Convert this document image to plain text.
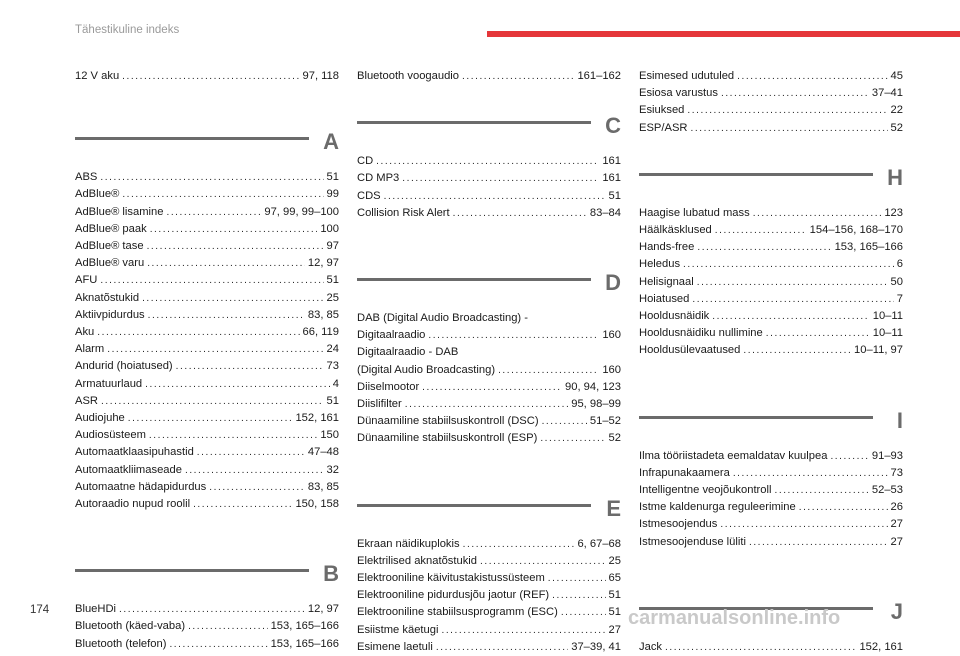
Tähestikuline indeks
12 V aku . . .	97, 118
A
ABS . . .	51
AdBlue® . . .	99
AdBlue® lisamine . . .	97, 99, 99–100
AdBlue® paak . . .	100
AdBlue® tase . . .	97
AdBlue® varu . . .	12, 97
AFU . . .	51
Aknatõstukid . . .	25
Aktiivpidurdus . . .	83, 85
Aku . . .	66, 119
Alarm . . .	24
Andurid (hoiatused) . . .	73
Armatuurlaud . . .	4
ASR . . .	51
Audiojuhe . . .	152, 161
Audiosüsteem . . .	150
Automaatklaasipuhastid . . .	47–48
Automaatkliimaseade . . .	32
Automaatne hädapidurdus . . .	83, 85
Autoraadio nupud roolil . . .	150, 158
B
BlueHDi . . .	12, 97
Bluetooth (käed-vaba) . . .	153, 165–166
Bluetooth (telefon) . . .	153, 165–166
Bluetooth voogaudio . . .	161–162
C
CD . . .	161
CD MP3 . . .	161
CDS . . .	51
Collision Risk Alert . . .	83–84
D
DAB (Digital Audio Broadcasting) -
Digitaalraadio . . .	160
Digitaalraadio - DAB
(Digital Audio Broadcasting) . . .	160
Diiselmootor . . .	90, 94, 123
Diislifilter . . .	95, 98–99
Dünaamiline stabiilsuskontroll (DSC) . . .	51–52
Dünaamiline stabiilsuskontroll (ESP) . . .	52
E
Ekraan näidikuplokis . . .	6, 67–68
Elektrilised aknatõstukid . . .	25
Elektrooniline käivitustakistussüsteem . . .	65
Elektrooniline pidurdusjõu jaotur (REF) . . .	51
Elektrooniline stabiilsusprogramm (ESC) . . .	51
Esiistme käetugi . . .	27
Esimene laetuli . . .	37–39, 41
Esimesed udutuled . . .	45
Esiosa varustus . . .	37–41
Esiuksed . . .	22
ESP/ASR . . .	52
H
Haagise lubatud mass . . .	123
Häälkäsklused . . .	154–156, 168–170
Hands-free . . .	153, 165–166
Heledus . . .	6
Helisignaal . . .	50
Hoiatused . . .	7
Hooldusnäidik . . .	10–11
Hooldusnäidiku nullimine . . .	10–11
Hooldusülevaatused . . .	10–11, 97
I
Ilma tööriistadeta eemaldatav kuulpea . . .	91–93
Infrapunakaamera . . .	73
Intelligentne veojõukontroll . . .	52–53
Istme kaldenurga reguleerimine . . .	26
Istmesoojendus . . .	27
Istmesoojenduse lüliti . . .	27
J
Jack . . .	152, 161
174	carmanualsonline.info
